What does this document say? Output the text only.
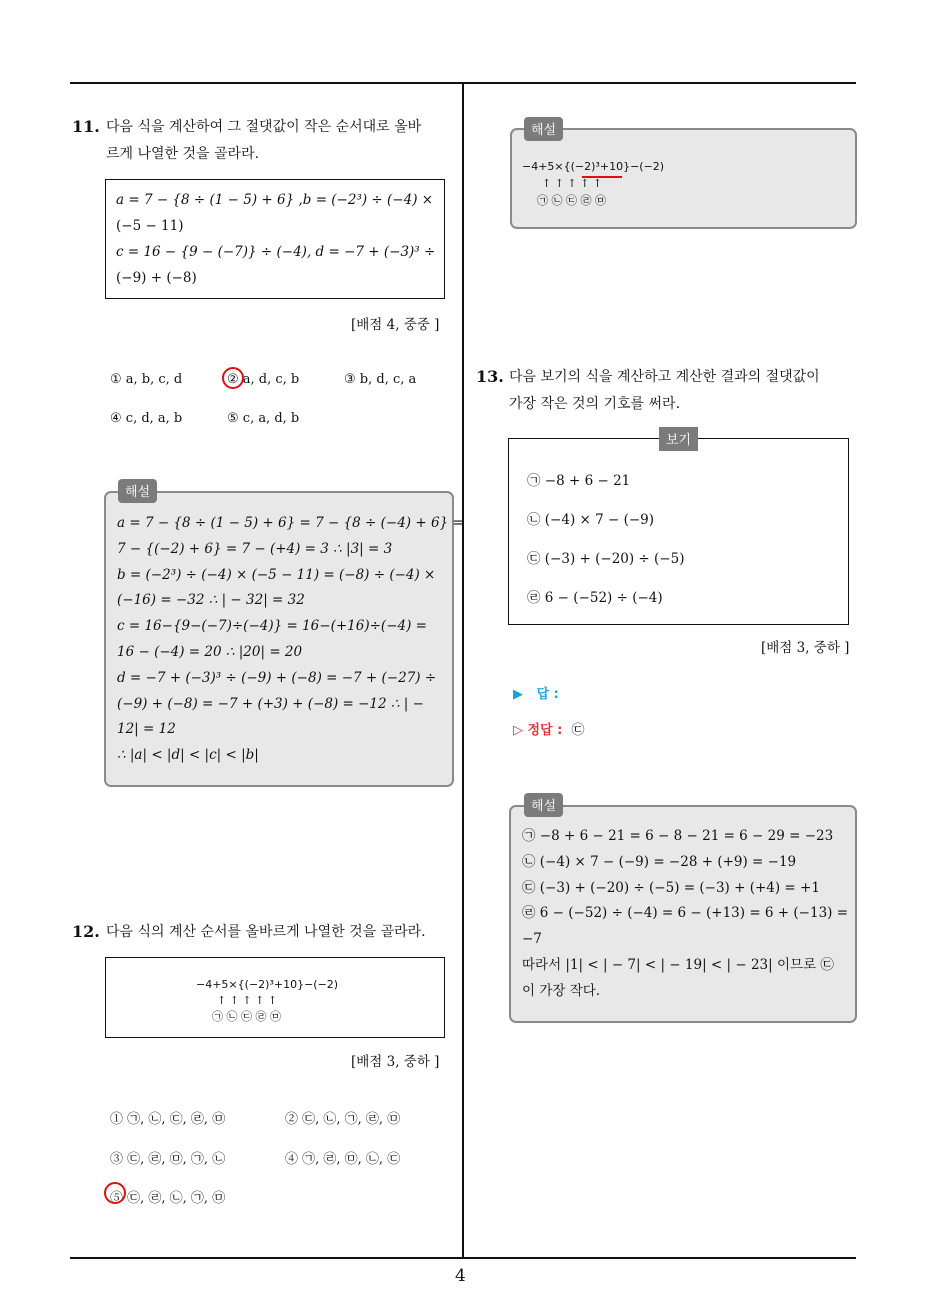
4
11. 다음 식을 계산하여 그 절댓값이 작은 순서대로 올바
르게 나열한 것을 골라라.
a = 7 − {8 ÷ (1 − 5) + 6} ,b = (−2³) ÷ (−4) ×
(−5 − 11)
c = 16 − {9 − (−7)} ÷ (−4), d = −7 + (−3)³ ÷
(−9) + (−8)
[배점 4, 중중 ]
① a, b, c, d	② a, d, c, b	③ b, d, c, a
④ c, d, a, b	⑤ c, a, d, b
a = 7 − {8 ÷ (1 − 5) + 6} = 7 − {8 ÷ (−4) + 6} =
7 − {(−2) + 6} = 7 − (+4) = 3 ∴ |3| = 3
b = (−2³) ÷ (−4) × (−5 − 11) = (−8) ÷ (−4) ×
(−16) = −32 ∴ | − 32| = 32
c = 16−{9−(−7)÷(−4)} = 16−(+16)÷(−4) =
16 − (−4) = 20 ∴ |20| = 20
d = −7 + (−3)³ ÷ (−9) + (−8) = −7 + (−27) ÷
(−9) + (−8) = −7 + (+3) + (−8) = −12 ∴ | −
12| = 12
∴ |a| < |d| < |c| < |b|
해설
12. 다음 식의 계산 순서를 올바르게 나열한 것을 골라라.
−4+5×{(−2)³+10}−(−2)
↑ ↑ ↑ ↑ ↑
㉠ ㉡ ㉢ ㉣ ㉤
[배점 3, 중하 ]
① ㉠, ㉡, ㉢, ㉣, ㉤	② ㉢, ㉡, ㉠, ㉣, ㉤
③ ㉢, ㉣, ㉤, ㉠, ㉡	④ ㉠, ㉣, ㉤, ㉡, ㉢
⑤ ㉢, ㉣, ㉡, ㉠, ㉤
−4+5×{(−2)³+10}−(−2)
↑ ↑ ↑ ↑ ↑
㉠ ㉡ ㉢ ㉣ ㉤
해설
13. 다음 보기의 식을 계산하고 계산한 결과의 절댓값이
가장 작은 것의 기호를 써라.
㉠ −8 + 6 − 21
㉡ (−4) × 7 − (−9)
㉢ (−3) + (−20) ÷ (−5)
㉣ 6 − (−52) ÷ (−4)
보기
[배점 3, 중하 ]
▶   답 :
▷ 정답 : ㉢
㉠ −8 + 6 − 21 = 6 − 8 − 21 = 6 − 29 = −23
㉡ (−4) × 7 − (−9) = −28 + (+9) = −19
㉢ (−3) + (−20) ÷ (−5) = (−3) + (+4) = +1
㉣ 6 − (−52) ÷ (−4) = 6 − (+13) = 6 + (−13) =
−7
따라서 |1| < | − 7| < | − 19| < | − 23| 이므로 ㉢
이 가장 작다.
해설
